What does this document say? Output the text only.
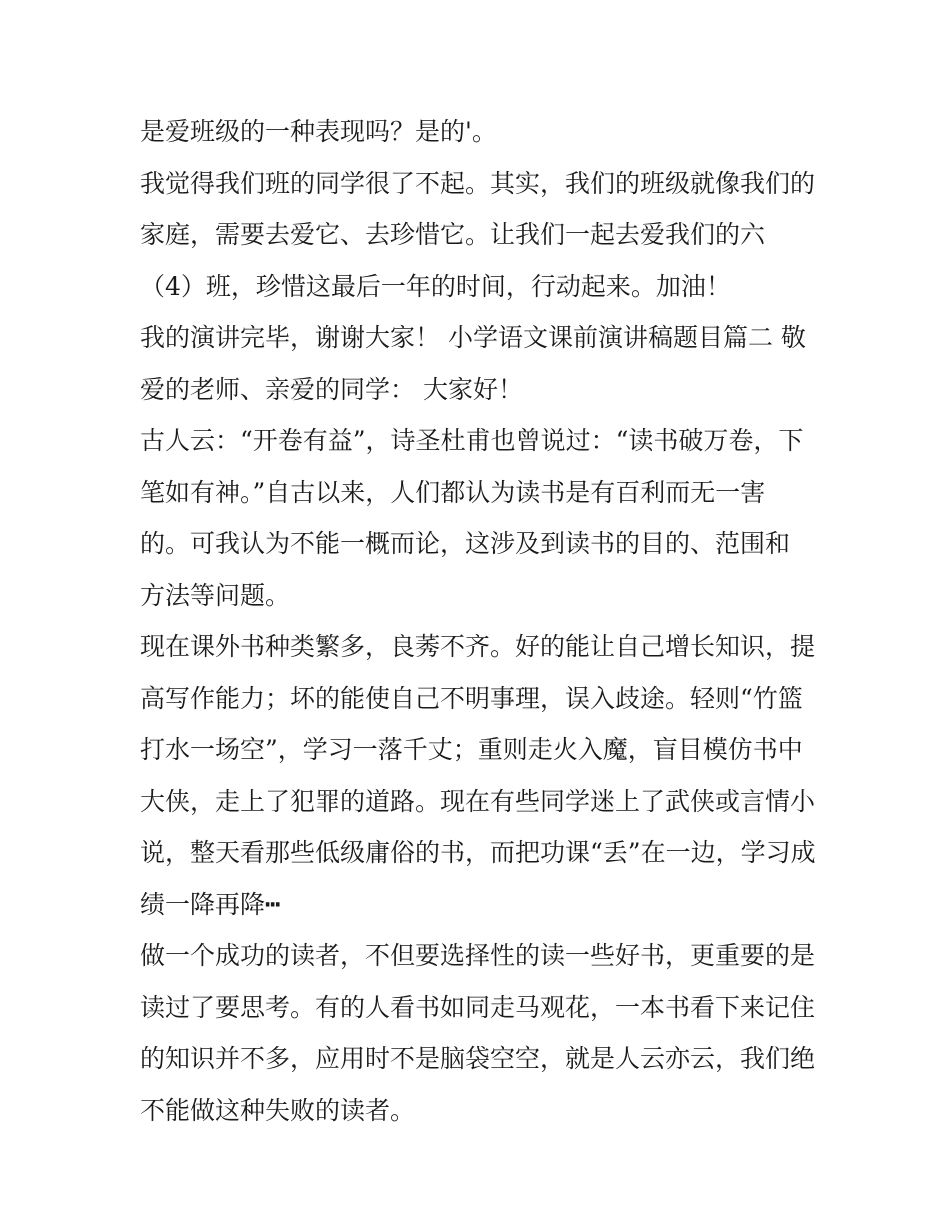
是爱班级的一种表现吗？是的'。
我觉得我们班的同学很了不起。其实，我们的班级就像我们的
家庭，需要去爱它、去珍惜它。让我们一起去爱我们的六
（4）班，珍惜这最后一年的时间，行动起来。加油！
我的演讲完毕，谢谢大家！ 小学语文课前演讲稿题目篇二 敬
爱的老师、亲爱的同学： 大家好！
古人云：“开卷有益”，诗圣杜甫也曾说过：“读书破万卷，下
笔如有神。”自古以来，人们都认为读书是有百利而无一害
的。可我认为不能一概而论，这涉及到读书的目的、范围和
方法等问题。
现在课外书种类繁多，良莠不齐。好的能让自己增长知识，提
高写作能力；坏的能使自己不明事理，误入歧途。轻则“竹篮
打水一场空”，学习一落千丈；重则走火入魔，盲目模仿书中
大侠，走上了犯罪的道路。现在有些同学迷上了武侠或言情小
说，整天看那些低级庸俗的书，而把功课“丢”在一边，学习成
绩一降再降┅
做一个成功的读者，不但要选择性的读一些好书，更重要的是
读过了要思考。有的人看书如同走马观花，一本书看下来记住
的知识并不多，应用时不是脑袋空空，就是人云亦云，我们绝
不能做这种失败的读者。
